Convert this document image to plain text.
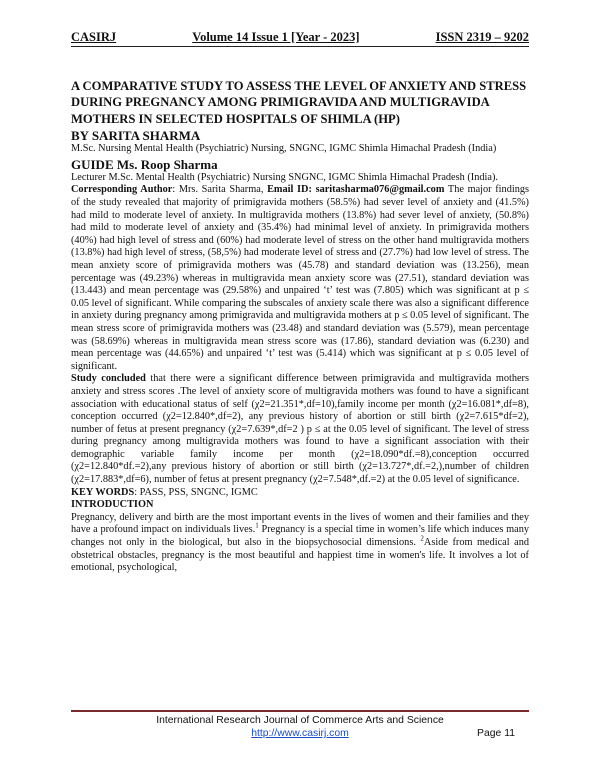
CASIRJ	Volume 14 Issue 1 [Year - 2023]	ISSN 2319 – 9202
A COMPARATIVE STUDY TO ASSESS THE LEVEL OF ANXIETY AND STRESS DURING PREGNANCY AMONG PRIMIGRAVIDA AND MULTIGRAVIDA MOTHERS IN SELECTED HOSPITALS OF SHIMLA (HP)
BY SARITA SHARMA
M.Sc. Nursing Mental Health (Psychiatric) Nursing, SNGNC, IGMC Shimla Himachal Pradesh (India)
GUIDE Ms. Roop Sharma
Lecturer M.Sc. Mental Health (Psychiatric) Nursing SNGNC, IGMC Shimla Himachal Pradesh (India).

Corresponding Author: Mrs. Sarita Sharma, Email ID: saritasharma076@gmail.com The major findings of the study revealed that majority of primigravida mothers (58.5%) had sever level of anxiety and (41.5%) had mild to moderate level of anxiety. In multigravida mothers (13.8%) had sever level of anxiety, (50.8%) had mild to moderate level of anxiety and (35.4%) had minimal level of anxiety. In primigravida mothers (40%) had high level of stress and (60%) had moderate level of stress on the other hand multigravida mothers (13.8%) had high level of stress, (58,5%) had moderate level of stress and (27.7%) had low level of stress. The mean anxiety score of primigravida mothers was (45.78) and standard deviation was (13.256), mean percentage was (49.23%) whereas in multigravida mean anxiety score was (27.51), standard deviation was (13.443) and mean percentage was (29.58%) and unpaired ‘t’ test was (7.805) which was significant at p ≤ 0.05 level of significant. While comparing the subscales of anxiety scale there was also a significant difference in anxiety during pregnancy among primigravida and multigravida mothers at p ≤ 0.05 level of significant. The mean stress score of primigravida mothers was (23.48) and standard deviation was (5.579), mean percentage was (58.69%) whereas in multigravida mean stress score was (17.86), standard deviation was (6.230) and mean percentage was (44.65%) and unpaired ‘t’ test was (5.414) which was significant at p ≤ 0.05 level of significant.

Study concluded that there were a significant difference between primigravida and multigravida mothers anxiety and stress scores .The level of anxiety score of multigravida mothers was found to have a significant association with educational status of self (χ2=21.351*,df=10),family income per month (χ2=16.081*,df=8), conception occurred (χ2=12.840*,df=2), any previous history of abortion or still birth (χ2=7.615*df=2), number of fetus at present pregnancy (χ2=7.639*,df=2 ) p ≤ at the 0.05 level of significant. The level of stress during pregnancy among multigravida mothers was found to have a significant association with their demographic variable family income per month (χ2=18.090*df.=8),conception occurred (χ2=12.840*df.=2),any previous history of abortion or still birth (χ2=13.727*,df.=2,),number of children (χ2=17.883*,df=6), number of fetus at present pregnancy (χ2=7.548*,df.=2) at the 0.05 level of significance.

KEY WORDS: PASS, PSS, SNGNC, IGMC
INTRODUCTION

Pregnancy, delivery and birth are the most important events in the lives of women and their families and they have a profound impact on individuals lives.$^1$ Pregnancy is a special time in women’s life which induces many changes not only in the biological, but also in the biopsychosocial dimensions. $^2$Aside from medical and obstetrical obstacles, pregnancy is the most beautiful and happiest time in women's life. It involves a lot of emotional, psychological,

International Research Journal of Commerce Arts and Science
http://www.casirj.com	Page 11
